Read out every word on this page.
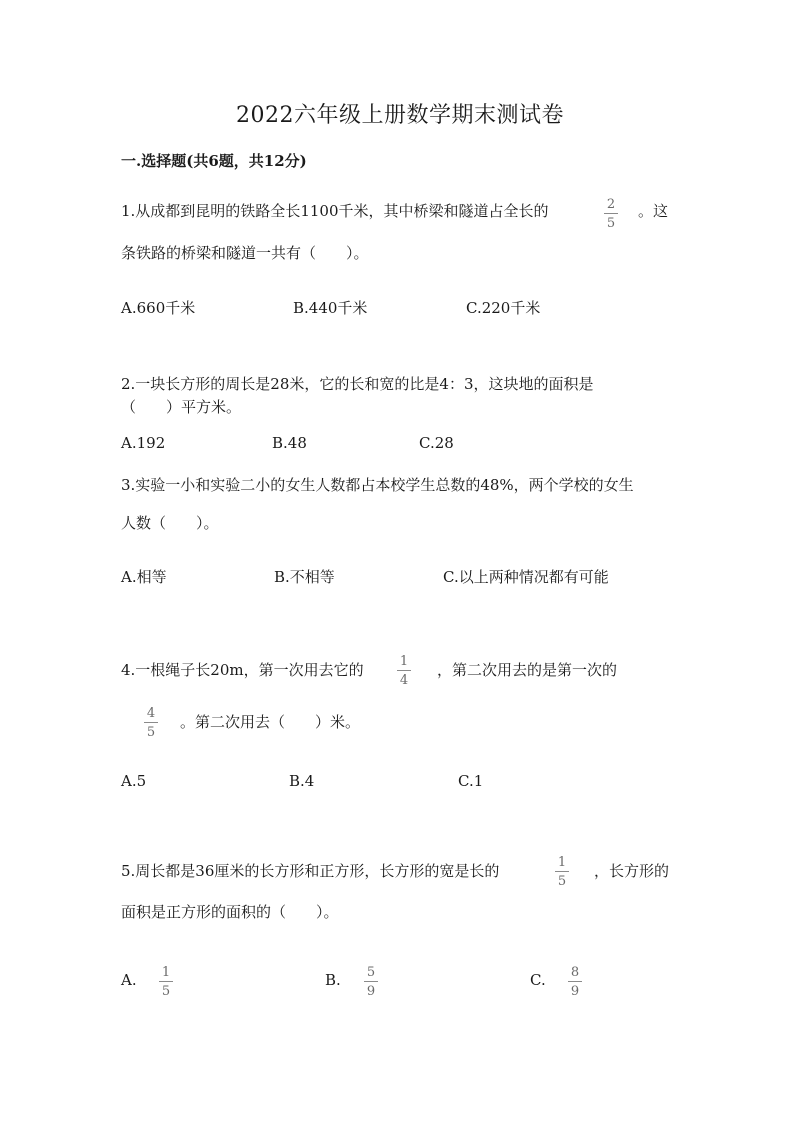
2022六年级上册数学期末测试卷
一.选择题(共6题，共12分)
1.从成都到昆明的铁路全长1100千米，其中桥梁和隧道占全长的	2
5
。这
条铁路的桥梁和隧道一共有（　　）。
A.660千米	B.440千米	C.220千米
2.一块长方形的周长是28米，它的长和宽的比是4：3，这块地的面积是
（　　）平方米。
A.192	B.48	C.28
3.实验一小和实验二小的女生人数都占本校学生总数的48%，两个学校的女生
人数（　　）。
A.相等	B.不相等	C.以上两种情况都有可能
4.一根绳子长20m，第一次用去它的	1
4
，第二次用去的是第一次的
4
5
。第二次用去（　　）米。
A.5	B.4	C.1
5.周长都是36厘米的长方形和正方形，长方形的宽是长的	1
5
，长方形的
面积是正方形的面积的（　　）。
A.	1
5
B.	5
9
C.	8
9
